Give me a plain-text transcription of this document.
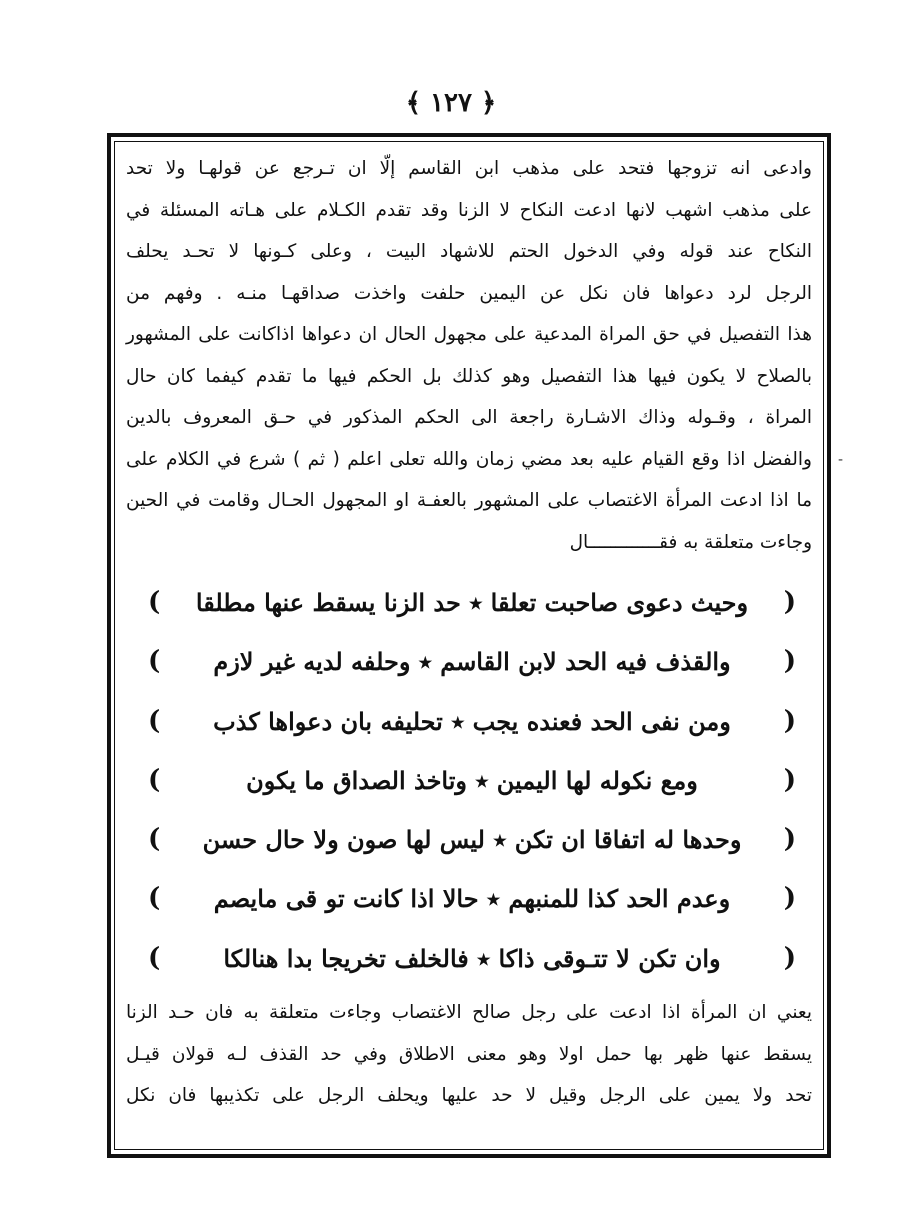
﴿ ١٢٧ ﴾
-
وادعى انه تزوجها فتحد على مذهب ابن القاسم إلّا ان تـرجع عن قولهـا ولا تحد
على مذهب اشهب لانها ادعت النكاح لا الزنا وقد تقدم الكـلام على هـاته المسئلة في
النكاح عند قوله وفي الدخول الحتم للاشهاد البيت ، وعلى كـونها لا تحـد يحلف
الرجل لرد دعواها فان نكل عن اليمين حلفت واخذت صداقهـا منـه . وفهم من
هذا التفصيل في حق المراة المدعية على مجهول الحال ان دعواها اذاكانت على المشهور
بالصلاح لا يكون فيها هذا التفصيل وهو كذلك بل الحكم فيها ما تقدم كيفما كان حال
المراة ، وقـوله وذاك الاشـارة راجعة الى الحكم المذكور في حـق المعروف بالدين
والفضل اذا وقع القيام عليه بعد مضي زمان والله تعلى اعلم ( ثم ) شرع في الكلام على
ما اذا ادعت المرأة الاغتصاب على المشهور بالعفـة او المجهول الحـال وقامت في الحين
وجاءت متعلقة به فقـــــــــــــال
(
وحيث دعوى صاحبت تعلقا ٭ حد الزنا يسقط عنها مطلقا
)
(
والقذف فيه الحد لابن القاسم ٭ وحلفه لديه غير لازم
)
(
ومن نفى الحد فعنده يجب ٭ تحليفه بان دعواها كذب
)
(
ومع نكوله لها اليمين ٭ وتاخذ الصداق ما يكون
)
(
وحدها له اتفاقا ان تكن ٭ ليس لها صون ولا حال حسن
)
(
وعدم الحد كذا للمنبهم ٭ حالا اذا كانت تو قى مايصم
)
(
وان تكن لا تتـوقى ذاكا ٭ فالخلف تخريجا بدا هنالكا
)
يعني ان المرأة اذا ادعت على رجل صالح الاغتصاب وجاءت متعلقة به فان حـد الزنا
يسقط عنها ظهر بها حمل اولا وهو معنى الاطلاق وفي حد القذف لـه قولان قيـل
تحد ولا يمين على الرجل وقيل لا حد عليها ويحلف الرجل على تكذيبها فان نكل
